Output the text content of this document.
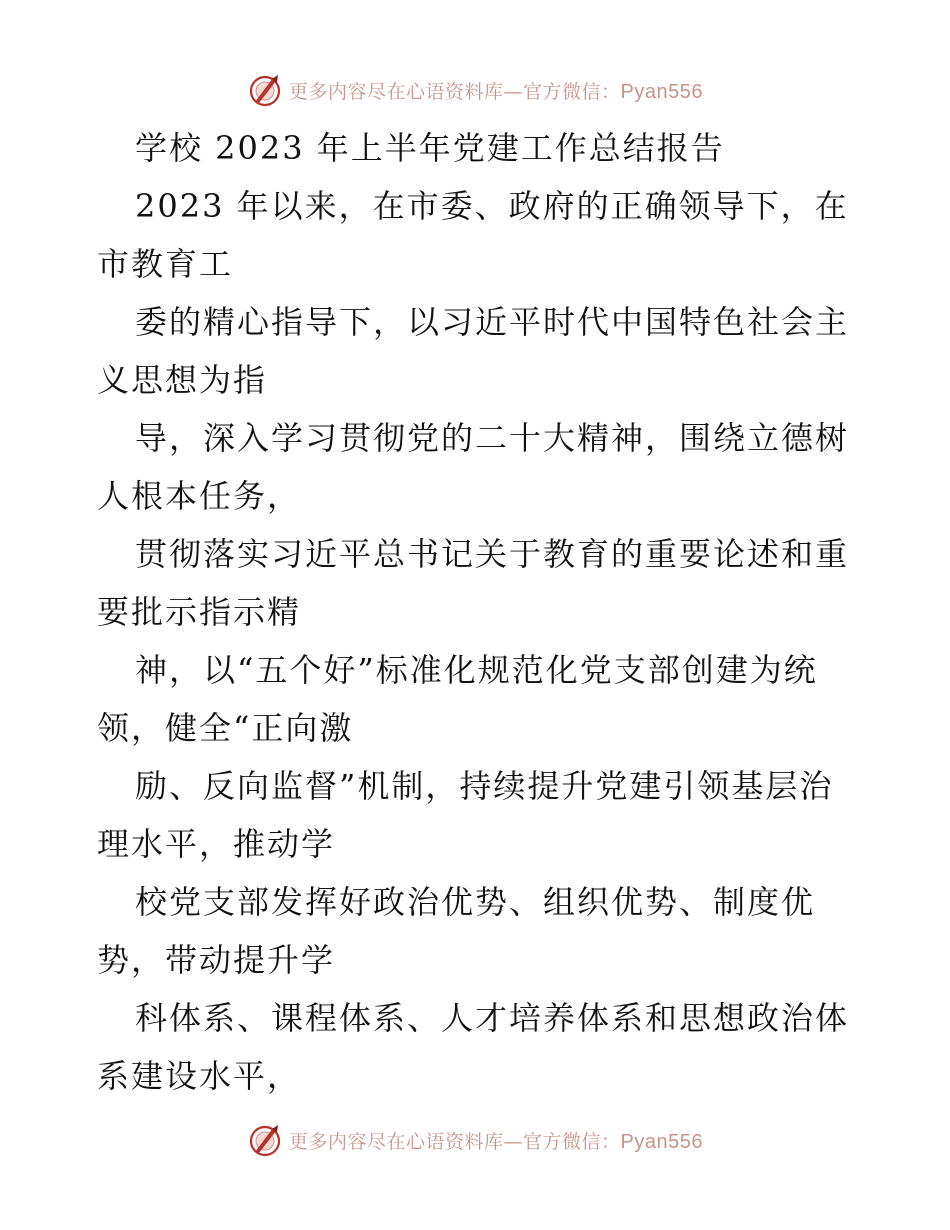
更多内容尽在心语资料库—官方微信：Pyan556
学校 2023 年上半年党建工作总结报告
2023 年以来，在市委、政府的正确领导下，在
市教育工
委的精心指导下，以习近平时代中国特色社会主
义思想为指
导，深入学习贯彻党的二十大精神，围绕立德树
人根本任务，
贯彻落实习近平总书记关于教育的重要论述和重
要批示指示精
神，以“五个好”标准化规范化党支部创建为统
领，健全“正向激
励、反向监督”机制，持续提升党建引领基层治
理水平，推动学
校党支部发挥好政治优势、组织优势、制度优
势，带动提升学
科体系、课程体系、人才培养体系和思想政治体
系建设水平，
更多内容尽在心语资料库—官方微信：Pyan556
